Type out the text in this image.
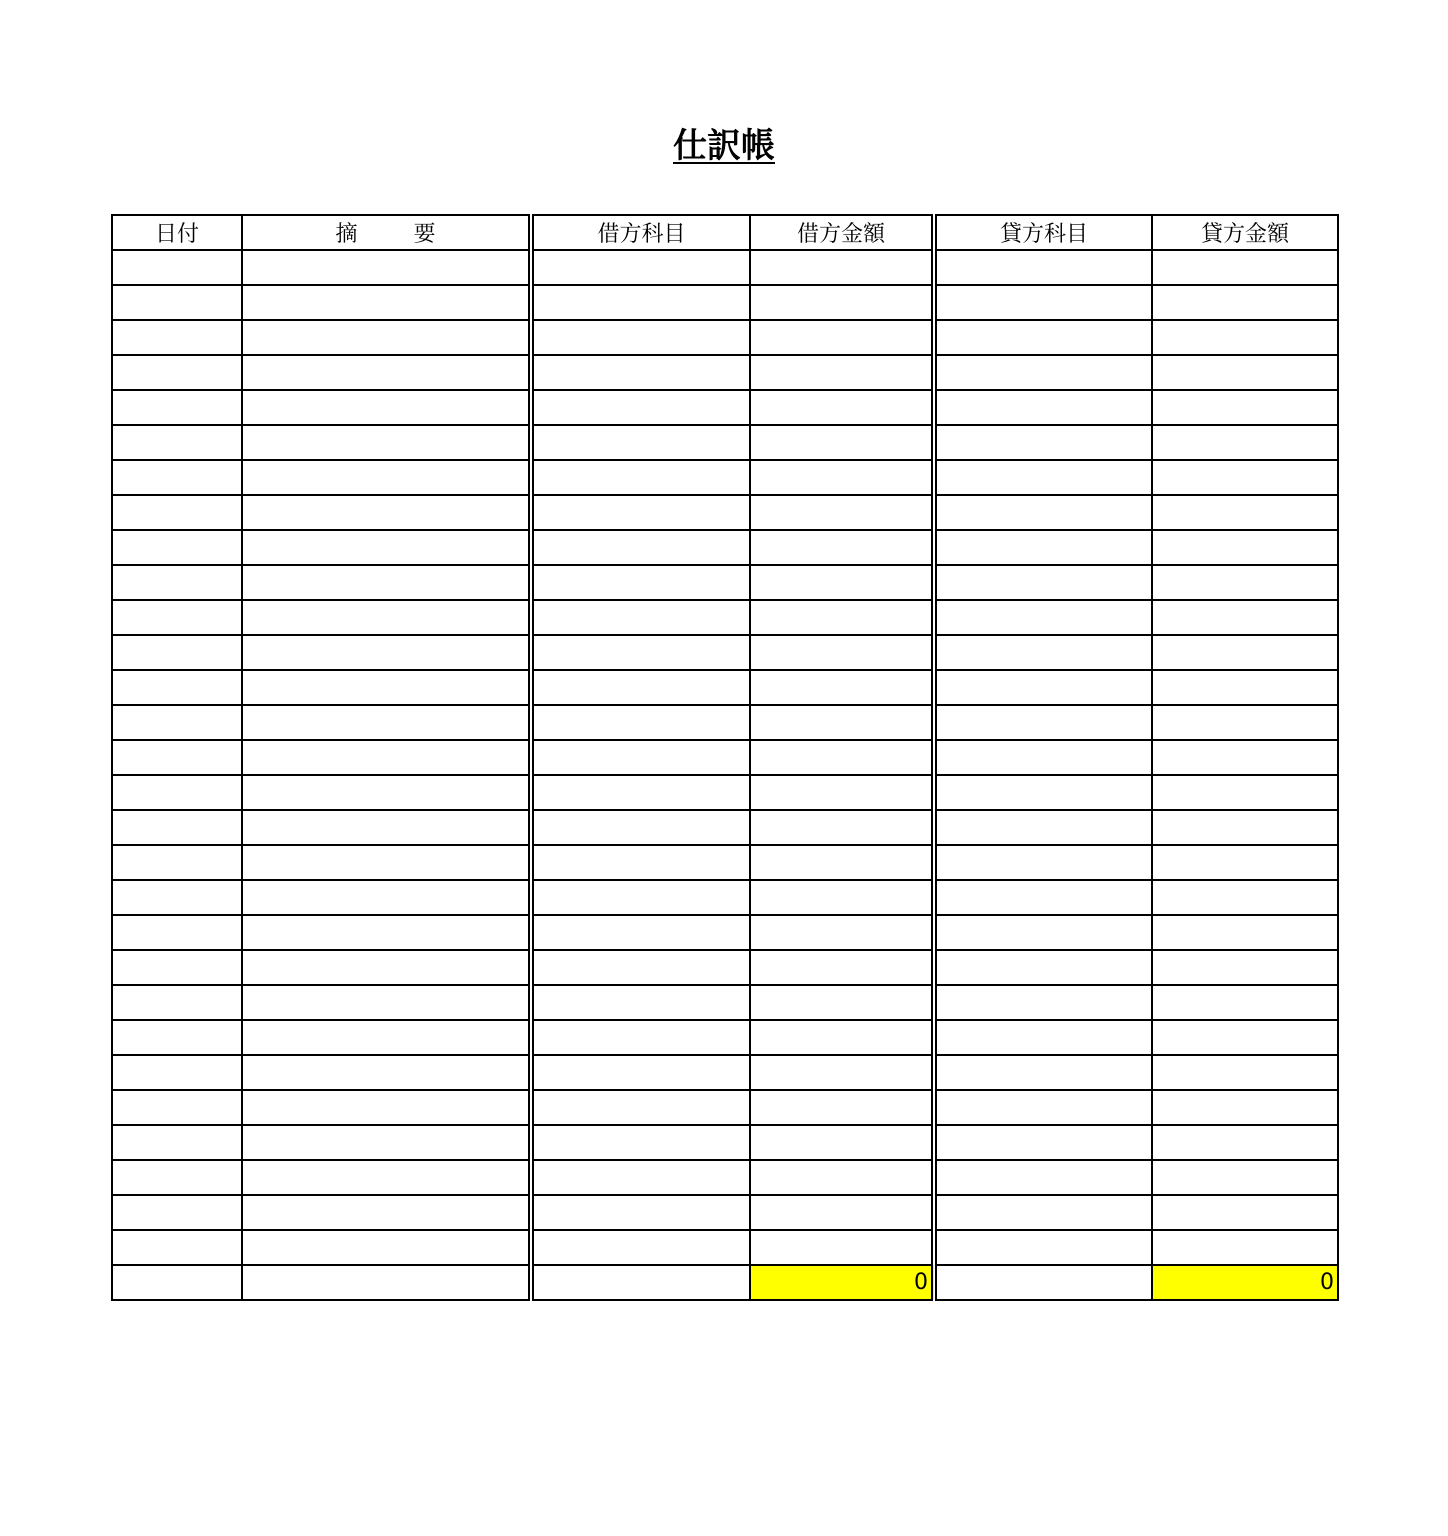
仕訳帳
日付	摘 要	借方科目	借方金額	貸方科目	貸方金額

			0		0
